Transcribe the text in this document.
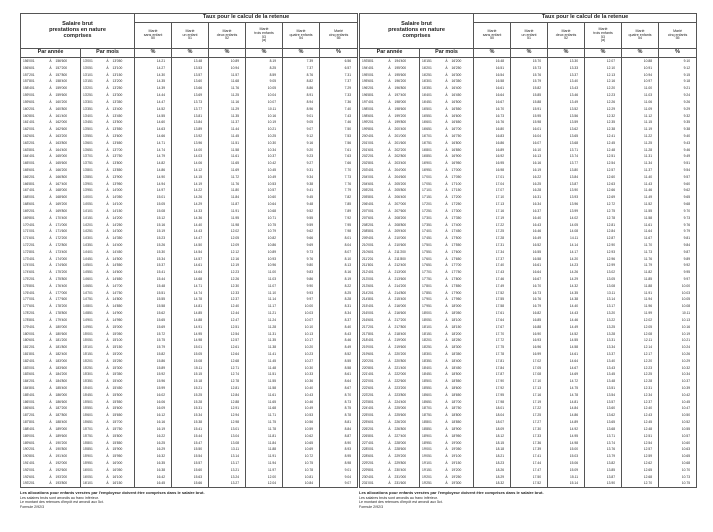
Salaire brut
prestations en nature
comprises						Taux pour le calcul de la retenue					
						Marié
sans enfant
50	Marié
un enfant
51	Marié
deux enfants
52	Marié
trois enfants
53
(a)	Marié
quatre enfants
54	Marié
cinq enfants
55
Par année			Par mois			%	%	%	%	%	%
156'001	À	156'600	13'001	À	13'050	14.21	13.48	10.89	8.19	7.39	6.56
156'601	À	157'200	13'051	À	13'100	14.27	13.53	10.94	8.25	7.37	6.57
157'201	À	157'800	13'101	À	13'150	14.30	13.57	11.57	8.59	8.76	7.31
157'801	À	158'400	13'151	À	13'200	14.35	13.60	11.68	9.05	8.82	7.37
158'401	À	159'000	13'201	À	13'250	14.39	13.66	11.76	10.05	8.86	7.29
159'001	À	159'600	13'251	À	13'300	14.44	13.69	11.25	10.04	8.91	7.33
159'601	À	160'200	13'301	À	13'350	14.47	13.73	11.16	10.07	8.94	7.36
160'201	À	160'800	13'351	À	13'400	14.52	13.77	11.29	10.11	8.96	7.40
160'801	À	161'400	13'401	À	13'450	14.55	13.81	11.35	10.16	9.01	7.43
161'401	À	162'000	13'451	À	13'500	14.60	13.84	11.37	10.19	9.05	7.46
162'001	À	162'600	13'501	À	13'550	14.63	13.89	11.44	10.21	9.07	7.50
162'601	À	163'200	13'551	À	13'600	14.66	13.92	11.45	10.25	9.12	7.53
163'201	À	163'800	13'601	À	13'650	14.71	13.96	11.51	10.30	9.16	7.56
163'801	À	164'400	13'651	À	13'700	14.74	14.00	11.58	10.34	9.20	7.61
164'401	À	165'000	13'701	À	13'750	14.79	14.03	11.61	10.37	9.23	7.63
165'001	À	165'600	13'751	À	13'800	14.82	14.06	11.65	10.42	9.27	7.66
165'601	À	166'200	13'801	À	13'850	14.86	14.12	11.69	10.45	9.31	7.70
166'201	À	166'800	13'851	À	13'900	14.90	14.15	11.72	10.49	9.34	7.73
166'801	À	167'400	13'901	À	13'950	14.94	14.19	11.76	10.53	9.38	7.76
167'401	À	168'000	13'951	À	14'000	14.97	14.22	11.80	10.57	9.41	7.79
168'001	À	168'600	14'001	À	14'050	15.01	14.26	11.84	10.60	9.45	7.82
168'601	À	169'200	14'051	À	14'100	15.05	14.29	11.87	10.64	9.48	7.85
169'201	À	169'800	14'101	À	14'150	15.08	14.33	11.91	10.68	9.52	7.89
169'801	À	170'400	14'151	À	14'200	15.12	14.36	11.95	10.71	9.55	7.92
170'401	À	171'000	14'201	À	14'250	15.16	14.40	11.98	10.75	9.59	7.95
171'001	À	171'600	14'251	À	14'300	15.19	14.43	12.02	10.79	9.62	7.98
171'601	À	172'200	14'301	À	14'350	15.23	14.47	12.05	10.82	9.66	8.01
172'201	À	172'800	14'351	À	14'400	15.26	14.50	12.09	10.86	9.69	8.04
172'801	À	173'400	14'401	À	14'450	15.30	14.54	12.12	10.89	9.73	8.07
173'401	À	174'000	14'451	À	14'500	15.34	14.57	12.16	10.93	9.76	8.10
174'001	À	174'600	14'501	À	14'550	15.37	14.61	12.19	10.96	9.80	8.13
174'601	À	175'200	14'551	À	14'600	15.41	14.64	12.23	11.00	9.83	8.16
175'201	À	175'800	14'601	À	14'650	15.44	14.68	12.26	11.03	9.86	8.19
175'801	À	176'400	14'651	À	14'700	15.48	14.71	12.30	11.07	9.90	8.22
176'401	À	177'000	14'701	À	14'750	15.51	14.74	12.33	11.10	9.93	8.25
177'001	À	177'600	14'751	À	14'800	15.55	14.78	12.37	11.14	9.97	8.28
177'601	À	178'200	14'801	À	14'850	15.58	14.81	12.40	11.17	10.00	8.31
178'201	À	178'800	14'851	À	14'900	15.62	14.85	12.44	11.21	10.03	8.34
178'801	À	179'400	14'901	À	14'950	15.65	14.88	12.47	11.24	10.07	8.37
179'401	À	180'000	14'951	À	15'000	15.69	14.91	12.51	11.28	10.10	8.40
180'001	À	180'600	15'001	À	15'050	15.72	14.95	12.54	11.31	10.13	8.43
180'601	À	181'200	15'051	À	15'100	15.75	14.98	12.57	11.35	10.17	8.46
181'201	À	181'800	15'101	À	15'150	15.79	15.01	12.61	11.38	10.20	8.49
181'801	À	182'400	15'151	À	15'200	15.82	15.05	12.64	11.41	10.23	8.52
182'401	À	183'000	15'201	À	15'250	15.86	15.08	12.68	11.45	10.27	8.55
183'001	À	183'600	15'251	À	15'300	15.89	15.11	12.71	11.48	10.30	8.58
183'601	À	184'200	15'301	À	15'350	15.92	15.15	12.74	11.51	10.33	8.61
184'201	À	184'800	15'351	À	15'400	15.96	15.18	12.78	11.55	10.36	8.64
184'801	À	185'400	15'401	À	15'450	15.99	15.21	12.81	11.58	10.40	8.67
185'401	À	186'000	15'451	À	15'500	16.02	15.25	12.84	11.61	10.43	8.70
186'001	À	186'600	15'501	À	15'550	16.06	15.28	12.88	11.65	10.46	8.73
186'601	À	187'200	15'551	À	15'600	16.09	15.31	12.91	11.68	10.49	8.75
187'201	À	187'800	15'601	À	15'650	16.12	15.34	12.94	11.71	10.53	8.78
187'801	À	188'400	15'651	À	15'700	16.16	15.38	12.98	11.75	10.56	8.81
188'401	À	189'000	15'701	À	15'750	16.19	15.41	13.01	11.78	10.59	8.84
189'001	À	189'600	15'751	À	15'800	16.22	15.44	13.04	11.81	10.62	8.87
189'601	À	190'200	15'801	À	15'850	16.25	15.47	13.08	11.84	10.65	8.90
190'201	À	190'800	15'851	À	15'900	16.29	15.50	13.11	11.88	10.69	8.93
190'801	À	191'400	15'901	À	15'950	16.32	15.54	13.14	11.91	10.72	8.95
191'401	À	192'000	15'951	À	16'000	16.35	15.57	13.17	11.94	10.75	8.98
192'001	À	192'600	16'001	À	16'050	16.38	15.60	13.21	11.97	10.78	9.01
192'601	À	193'200	16'051	À	16'100	16.42	15.63	13.24	12.00	10.81	9.04
193'201	À	193'800	16'101	À	16'150	16.45	15.66	13.27	12.04	10.84	9.07
Les allocations pour enfants versées par l'employeur doivent être comprises dans le salaire brut.
Les salaires bruts sont arrondis au franc inférieur.
Le montant des retenues d'impôt est arrondi aux 5ct.
Formule 2/92/3
Salaire brut
prestations en nature
comprises						Taux pour le calcul de la retenue					
						Marié
sans enfant
50	Marié
un enfant
51	Marié
deux enfants
52	Marié
trois enfants
53
(a)	Marié
quatre enfants
54	Marié
cinq enfants
55
Par année			Par mois			%	%	%	%	%	%
193'801	À	194'400	16'151	À	16'200	16.48	15.70	13.30	12.07	10.88	9.10
194'401	À	195'000	16'201	À	16'250	16.51	15.73	13.33	12.10	10.91	9.12
195'001	À	195'600	16'251	À	16'300	16.54	15.76	13.37	12.13	10.94	9.15
195'601	À	196'200	16'301	À	16'350	16.58	15.79	13.40	12.16	10.97	9.18
196'201	À	196'800	16'351	À	16'400	16.61	15.82	13.43	12.20	11.00	9.21
196'801	À	197'400	16'401	À	16'450	16.64	15.85	13.46	12.23	11.03	9.24
197'401	À	198'000	16'451	À	16'500	16.67	15.88	13.49	12.26	11.06	9.26
198'001	À	198'600	16'501	À	16'550	16.70	15.91	13.52	12.29	11.09	9.29
198'601	À	199'200	16'551	À	16'600	16.73	15.95	13.56	12.32	11.12	9.32
199'201	À	199'800	16'601	À	16'650	16.76	15.98	13.59	12.35	11.15	9.35
199'801	À	200'400	16'651	À	16'700	16.80	16.01	13.62	12.38	11.19	9.38
200'401	À	201'000	16'701	À	16'750	16.83	16.04	13.65	12.41	11.22	9.40
201'001	À	201'600	16'751	À	16'800	16.86	16.07	13.68	12.45	11.25	9.43
201'601	À	202'200	16'801	À	16'850	16.89	16.10	13.71	12.48	11.28	9.46
202'201	À	202'800	16'851	À	16'900	16.92	16.13	13.74	12.51	11.31	9.49
202'801	À	203'400	16'901	À	16'950	16.95	16.16	13.77	12.54	11.34	9.51
203'401	À	204'000	16'951	À	17'000	16.98	16.19	13.80	12.57	11.37	9.54
204'001	À	204'600	17'001	À	17'050	17.01	16.22	13.84	12.60	11.40	9.57
204'601	À	205'200	17'051	À	17'100	17.04	16.25	13.87	12.63	11.43	9.60
205'201	À	205'800	17'101	À	17'150	17.07	16.28	13.90	12.66	11.46	9.62
205'801	À	206'400	17'151	À	17'200	17.10	16.31	13.93	12.69	11.49	9.65
206'401	À	207'000	17'201	À	17'250	17.13	16.34	13.96	12.72	11.52	9.68
207'001	À	207'600	17'251	À	17'300	17.16	16.37	13.99	12.75	11.55	9.70
207'601	À	208'200	17'301	À	17'350	17.19	16.40	14.02	12.78	11.58	9.73
208'201	À	208'800	17'351	À	17'400	17.22	16.43	14.05	12.81	11.61	9.76
208'801	À	209'400	17'401	À	17'450	17.25	16.46	14.08	12.84	11.64	9.79
209'401	À	210'000	17'451	À	17'500	17.28	16.49	14.11	12.87	11.67	9.81
210'001	À	210'600	17'501	À	17'550	17.31	16.52	14.14	12.90	11.70	9.84
210'601	À	211'200	17'551	À	17'600	17.34	16.55	14.17	12.93	11.73	9.87
211'201	À	211'800	17'601	À	17'650	17.37	16.58	14.20	12.96	11.76	9.89
211'801	À	212'400	17'651	À	17'700	17.40	16.61	14.23	12.99	11.79	9.92
212'401	À	213'000	17'701	À	17'750	17.43	16.64	14.26	13.02	11.82	9.95
213'001	À	213'600	17'751	À	17'800	17.46	16.67	14.29	13.05	11.85	9.97
213'601	À	214'200	17'801	À	17'850	17.49	16.70	14.32	13.08	11.88	10.00
214'201	À	214'800	17'851	À	17'900	17.52	16.73	14.35	13.11	11.91	10.03
214'801	À	215'400	17'901	À	17'950	17.55	16.76	14.38	13.14	11.94	10.05
215'401	À	216'000	17'951	À	18'000	17.58	16.79	14.40	13.17	11.96	10.08
216'001	À	216'600	18'001	À	18'050	17.61	16.82	14.43	13.20	11.99	10.11
216'601	À	217'200	18'051	À	18'100	17.64	16.85	14.46	13.22	12.02	10.13
217'201	À	217'800	18'101	À	18'150	17.67	16.88	14.49	13.25	12.05	10.16
217'801	À	218'400	18'151	À	18'200	17.70	16.90	14.52	13.28	12.08	10.19
218'401	À	219'000	18'201	À	18'250	17.72	16.93	14.55	13.31	12.11	10.21
219'001	À	219'600	18'251	À	18'300	17.75	16.96	14.58	13.34	12.14	10.24
219'601	À	220'200	18'301	À	18'350	17.78	16.99	14.61	13.37	12.17	10.26
220'201	À	220'800	18'351	À	18'400	17.81	17.02	14.64	13.40	12.20	10.29
220'801	À	221'400	18'401	À	18'450	17.84	17.05	14.67	13.43	12.23	10.32
221'401	À	222'000	18'451	À	18'500	17.87	17.08	14.69	13.45	12.25	10.34
222'001	À	222'600	18'501	À	18'550	17.90	17.10	14.72	13.48	12.28	10.37
222'601	À	223'200	18'551	À	18'600	17.92	17.13	14.75	13.51	12.31	10.39
223'201	À	223'800	18'601	À	18'650	17.95	17.16	14.78	13.54	12.34	10.42
223'801	À	224'400	18'651	À	18'700	17.98	17.19	14.81	13.57	12.37	10.45
224'401	À	225'000	18'701	À	18'750	18.01	17.22	14.84	13.60	12.40	10.47
225'001	À	225'600	18'751	À	18'800	18.04	17.25	14.86	13.62	12.43	10.50
225'601	À	226'200	18'801	À	18'850	18.07	17.27	14.89	13.65	12.45	10.52
226'201	À	226'800	18'851	À	18'900	18.09	17.30	14.92	13.68	12.48	10.55
226'801	À	227'400	18'901	À	18'950	18.12	17.33	14.95	13.71	12.51	10.57
227'401	À	228'000	18'951	À	19'000	18.15	17.36	14.98	13.74	12.54	10.60
228'001	À	228'600	19'001	À	19'050	18.18	17.39	15.00	13.76	12.57	10.63
228'601	À	229'200	19'051	À	19'100	18.21	17.41	15.03	13.79	12.59	10.65
229'201	À	229'800	19'101	À	19'150	18.23	17.44	15.06	13.82	12.62	10.68
229'801	À	230'400	19'151	À	19'200	18.26	17.47	15.09	13.85	12.65	10.70
230'401	À	231'000	19'201	À	19'250	18.29	17.50	15.11	13.87	12.68	10.73
231'001	À	231'600	19'251	À	19'300	18.32	17.52	15.14	13.90	12.70	10.75
Les allocations pour enfants versées par l'employeur doivent être comprises dans le salaire brut.
Les salaires bruts sont arrondis au franc inférieur.
Le montant des retenues d'impôt est arrondi aux 5ct.
Formule 2/92/3
